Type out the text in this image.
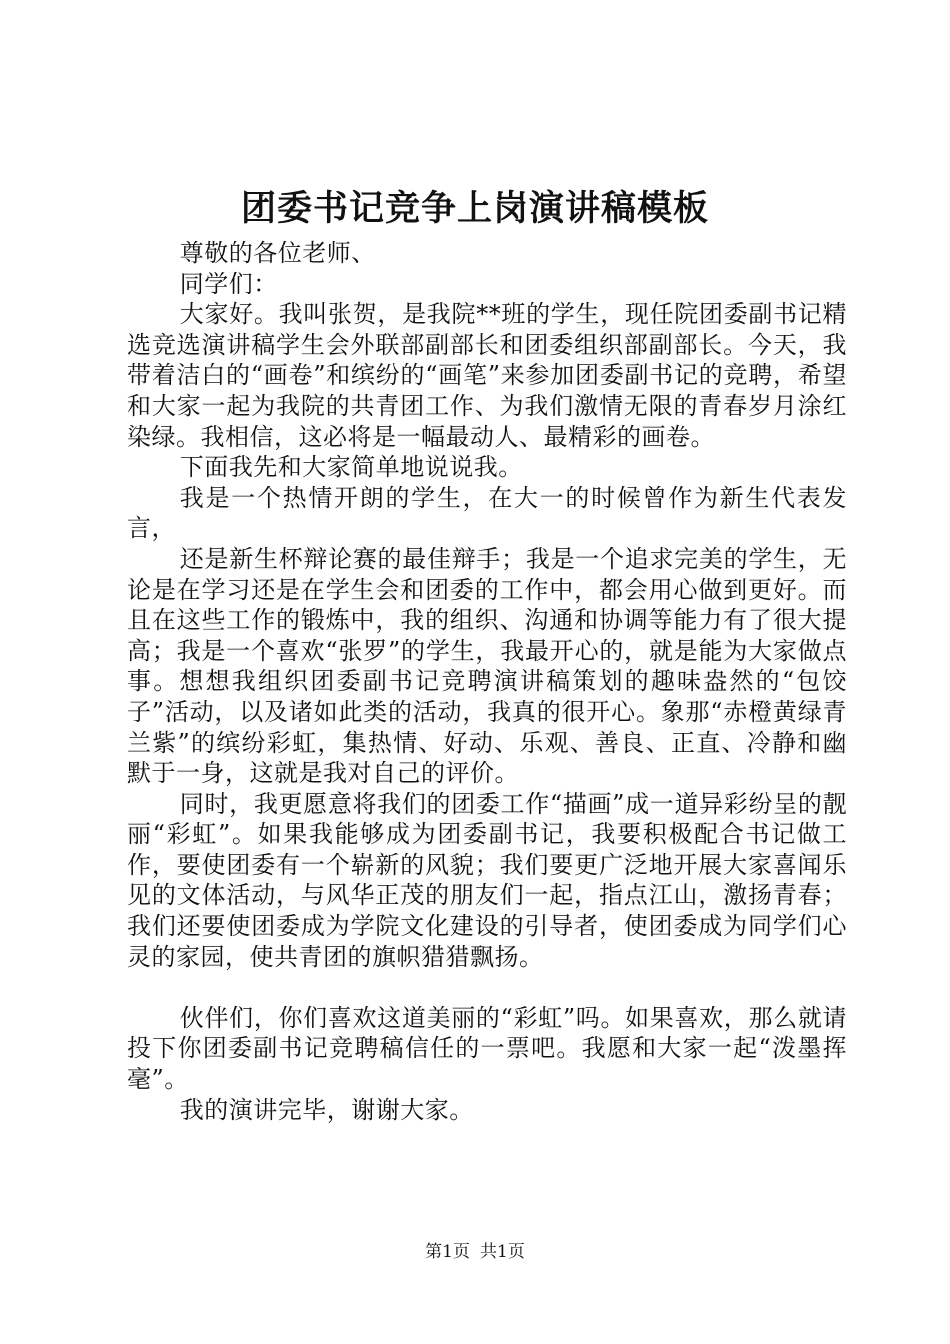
团委书记竞争上岗演讲稿模板

尊敬的各位老师、

同学们：

大家好。我叫张贺，是我院**班的学生，现任院团委副书记精选竞选演讲稿学生会外联部副部长和团委组织部副部长。今天，我带着洁白的“画卷”和缤纷的“画笔”来参加团委副书记的竞聘，希望和大家一起为我院的共青团工作、为我们激情无限的青春岁月涂红染绿。我相信，这必将是一幅最动人、最精彩的画卷。

下面我先和大家简单地说说我。

我是一个热情开朗的学生，在大一的时候曾作为新生代表发言，

还是新生杯辩论赛的最佳辩手；我是一个追求完美的学生，无论是在学习还是在学生会和团委的工作中，都会用心做到更好。而且在这些工作的锻炼中，我的组织、沟通和协调等能力有了很大提高；我是一个喜欢“张罗”的学生，我最开心的，就是能为大家做点事。想想我组织团委副书记竞聘演讲稿策划的趣味盎然的“包饺子”活动，以及诸如此类的活动，我真的很开心。象那“赤橙黄绿青兰紫”的缤纷彩虹，集热情、好动、乐观、善良、正直、冷静和幽默于一身，这就是我对自己的评价。

同时，我更愿意将我们的团委工作“描画”成一道异彩纷呈的靓丽“彩虹”。如果我能够成为团委副书记，我要积极配合书记做工作，要使团委有一个崭新的风貌；我们要更广泛地开展大家喜闻乐见的文体活动，与风华正茂的朋友们一起，指点江山，激扬青春；我们还要使团委成为学院文化建设的引导者，使团委成为同学们心灵的家园，使共青团的旗帜猎猎飘扬。

伙伴们，你们喜欢这道美丽的“彩虹”吗。如果喜欢，那么就请投下你团委副书记竞聘稿信任的一票吧。我愿和大家一起“泼墨挥毫”。

我的演讲完毕，谢谢大家。

第1页 共1页
